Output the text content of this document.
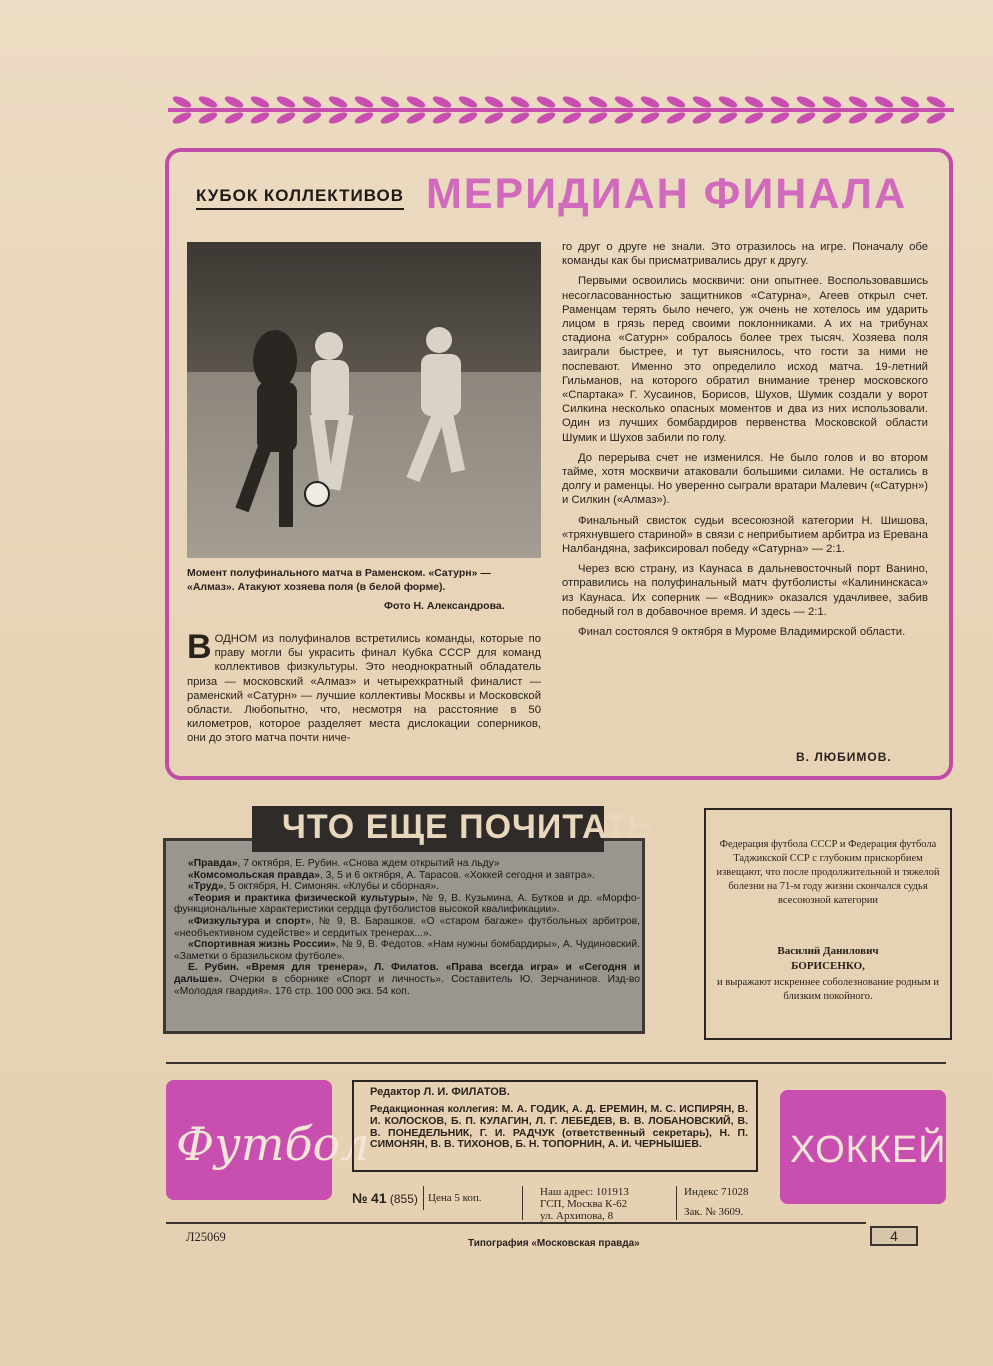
КУБОК КОЛЛЕКТИВОВ МЕРИДИАН ФИНАЛА
Момент полуфинального матча в Раменском. «Сатурн» — «Алмаз». Атакуют хозяева поля (в белой форме).
Фото Н. Александрова.

В ОДНОМ из полуфиналов встретились команды, которые по праву могли бы украсить финал Кубка СССР для команд коллективов физкультуры. Это неоднократный обладатель приза — московский «Алмаз» и четырехкратный финалист — раменский «Сатурн» — лучшие коллективы Москвы и Московской области. Любопытно, что, несмотря на расстояние в 50 километров, которое разделяет места дислокации соперников, они до этого матча почти ниче-

го друг о друге не знали. Это отразилось на игре. Поначалу обе команды как бы присматривались друг к другу.

Первыми освоились москвичи: они опытнее. Воспользовавшись несогласованностью защитников «Сатурна», Агеев открыл счет. Раменцам терять было нечего, уж очень не хотелось им ударить лицом в грязь перед своими поклонниками. А их на трибунах стадиона «Сатурн» собралось более трех тысяч. Хозяева поля заиграли быстрее, и тут выяснилось, что гости за ними не поспевают. Именно это определило исход матча. 19-летний Гильманов, на которого обратил внимание тренер московского «Спартака» Г. Хусаинов, Борисов, Шухов, Шумик создали у ворот Силкина несколько опасных моментов и два из них использовали. Один из лучших бомбардиров первенства Московской области Шумик и Шухов забили по голу.

До перерыва счет не изменился. Не было голов и во втором тайме, хотя москвичи атаковали большими силами. Не остались в долгу и раменцы. Но уверенно сыграли вратари Малевич («Сатурн») и Силкин («Алмаз»).

Финальный свисток судьи всесоюзной категории Н. Шишова, «тряхнувшего стариной» в связи с неприбытием арбитра из Еревана Налбандяна, зафиксировал победу «Сатурна» — 2:1.

Через всю страну, из Каунаса в дальневосточный порт Ванино, отправились на полуфинальный матч футболисты «Калининскаса» из Каунаса. Их соперник — «Водник» оказался удачливее, забив победный гол в добавочное время. И здесь — 2:1.

Финал состоялся 9 октября в Муроме Владимирской области.

В. ЛЮБИМОВ.
ЧТО ЕЩЕ ПОЧИТАТЬ
«Правда», 7 октября, Е. Рубин. «Снова ждем открытий на льду»
«Комсомольская правда», 3, 5 и 6 октября, А. Тарасов. «Хоккей сегодня и завтра».
«Труд», 5 октября, Н. Симонян. «Клубы и сборная».
«Теория и практика физической культуры», № 9, В. Кузьмина, А. Бутков и др. «Морфо-функциональные характеристики сердца футболистов высокой квалификации».
«Физкультура и спорт», № 9, В. Барашков. «О «старом багаже» футбольных арбитров, «необъективном судействе» и сердитых тренерах...».
«Спортивная жизнь России», № 9, В. Федотов. «Нам нужны бомбардиры», А. Чудиновский. «Заметки о бразильском футболе».
Е. Рубин. «Время для тренера», Л. Филатов. «Права всегда игра» и «Сегодня и дальше». Очерки в сборнике «Спорт и личность». Составитель Ю. Зерчанинов. Изд-во «Молодая гвардия». 176 стр. 100 000 экз. 54 коп.
Федерация футбола СССР и Федерация футбола Таджикской ССР с глубоким прискорбием извещают, что после продолжительной и тяжелой болезни на 71-м году жизни скончался судья всесоюзной категории
Василий Данилович
БОРИСЕНКО,
и выражают искреннее соболезнование родным и близким покойного.
Футбол	ХОККЕЙ
Редактор Л. И. ФИЛАТОВ.
Редакционная коллегия: М. А. ГОДИК, А. Д. ЕРЕМИН, М. С. ИСПИРЯН, В. И. КОЛОСКОВ, Б. П. КУЛАГИН, Л. Г. ЛЕБЕДЕВ, В. В. ЛОБАНОВСКИЙ, В. В. ПОНЕДЕЛЬНИК, Г. И. РАДЧУК (ответственный секретарь), Н. П. СИМОНЯН, В. В. ТИХОНОВ, Б. Н. ТОПОРНИН, А. И. ЧЕРНЫШЕВ.
№ 41 (855) Цена 5 коп.	Наш адрес: 101913
ГСП, Москва К-62
ул. Архипова, 8
Индекс 71028
Зак. № 3609.
Л25069	Типография «Московская правда»	4
